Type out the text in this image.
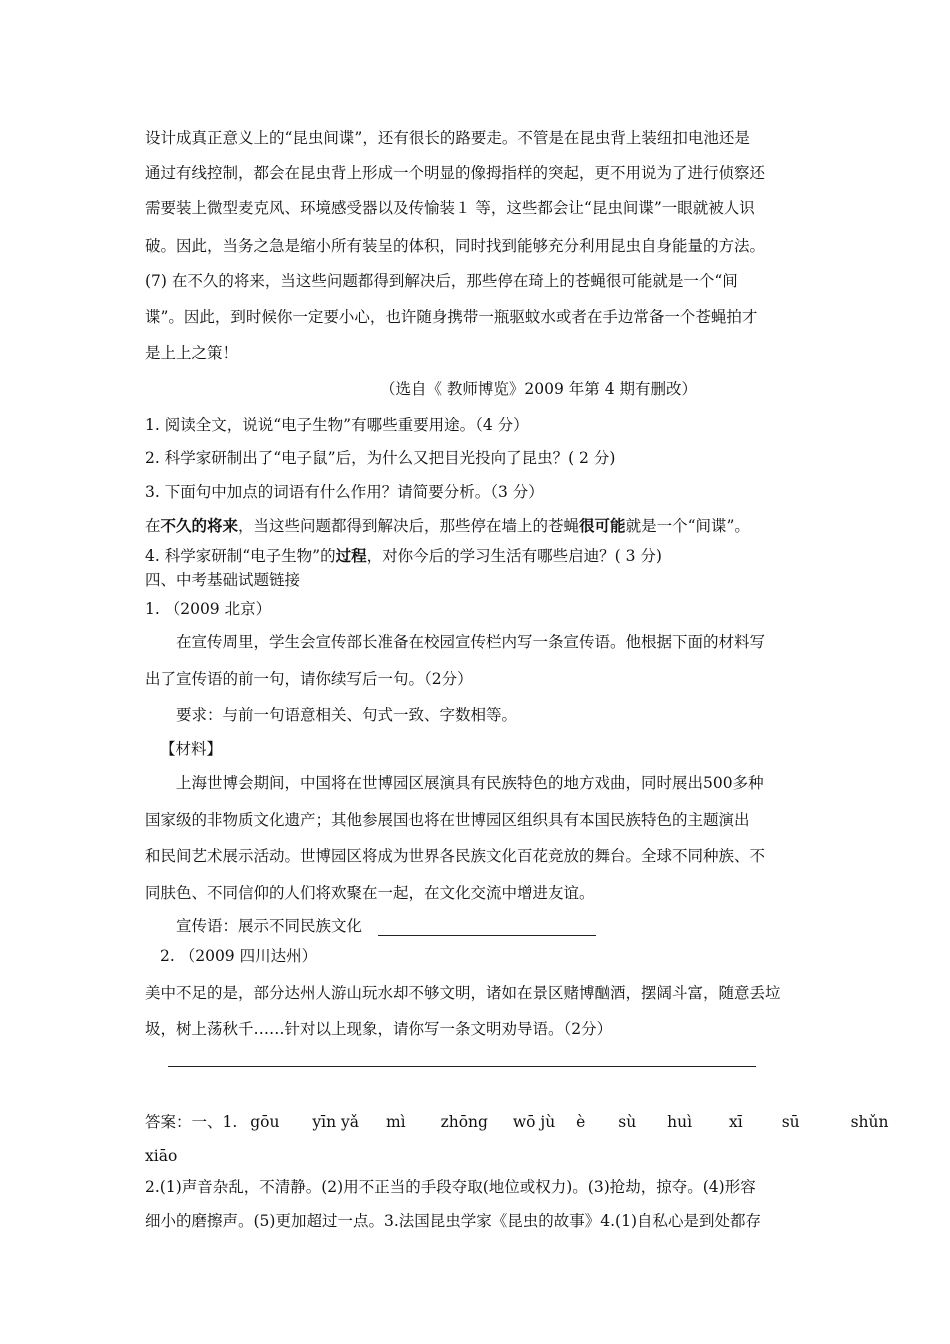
设计成真正意义上的“昆虫间谍”，还有很长的路要走。不管是在昆虫背上装纽扣电池还是
通过有线控制，都会在昆虫背上形成一个明显的像拇指样的突起，更不用说为了进行侦察还
需要装上微型麦克风、环境感受器以及传愉装１ 等，这些都会让“昆虫间谍”一眼就被人识
破。因此，当务之急是缩小所有装呈的体积，同时找到能够充分利用昆虫自身能量的方法。
(7) 在不久的将来，当这些问题都得到解决后，那些停在琦上的苍蝇很可能就是一个“间
谍”。因此，到时候你一定要小心，也许随身携带一瓶驱蚊水或者在手边常备一个苍蝇拍才
是上上之策！
（选自《 教师博览》2009 年第 4 期有删改）
1. 阅读全文，说说“电子生物”有哪些重要用途。（4 分）
2. 科学家研制出了“电子鼠”后，为什么又把目光投向了昆虫？( 2 分)
3. 下面句中加点的词语有什么作用？请简要分析。（3 分）
在不久的将来，当这些问题都得到解决后，那些停在墙上的苍蝇很可能就是一个“间谍”。
4. 科学家研制“电子生物”的过程，对你今后的学习生活有哪些启迪？( 3 分)
四、中考基础试题链接
1. （2009 北京）
在宣传周里，学生会宣传部长准备在校园宣传栏内写一条宣传语。他根据下面的材料写
出了宣传语的前一句，请你续写后一句。（2分）
要求：与前一句语意相关、句式一致、字数相等。
【材料】
上海世博会期间，中国将在世博园区展演具有民族特色的地方戏曲，同时展出500多种
国家级的非物质文化遗产；其他参展国也将在世博园区组织具有本国民族特色的主题演出
和民间艺术展示活动。世博园区将成为世界各民族文化百花竞放的舞台。全球不同种族、不
同肤色、不同信仰的人们将欢聚在一起，在文化交流中增进友谊。
宣传语：展示不同民族文化
2. （2009 四川达州）
美中不足的是，部分达州人游山玩水却不够文明，诸如在景区赌博酗酒，摆阔斗富，随意丢垃
圾，树上荡秋千……针对以上现象，请你写一条文明劝导语。（2分）
答案：一、1. gōu yīn yǎ mì zhōng wō jù è sù huì xī	sū	shǔn
xiāo
2.(1)声音杂乱，不清静。(2)用不正当的手段夺取(地位或权力)。(3)抢劫，掠夺。(4)形容
细小的磨擦声。(5)更加超过一点。3.法国昆虫学家《昆虫的故事》4.(1)自私心是到处都存
